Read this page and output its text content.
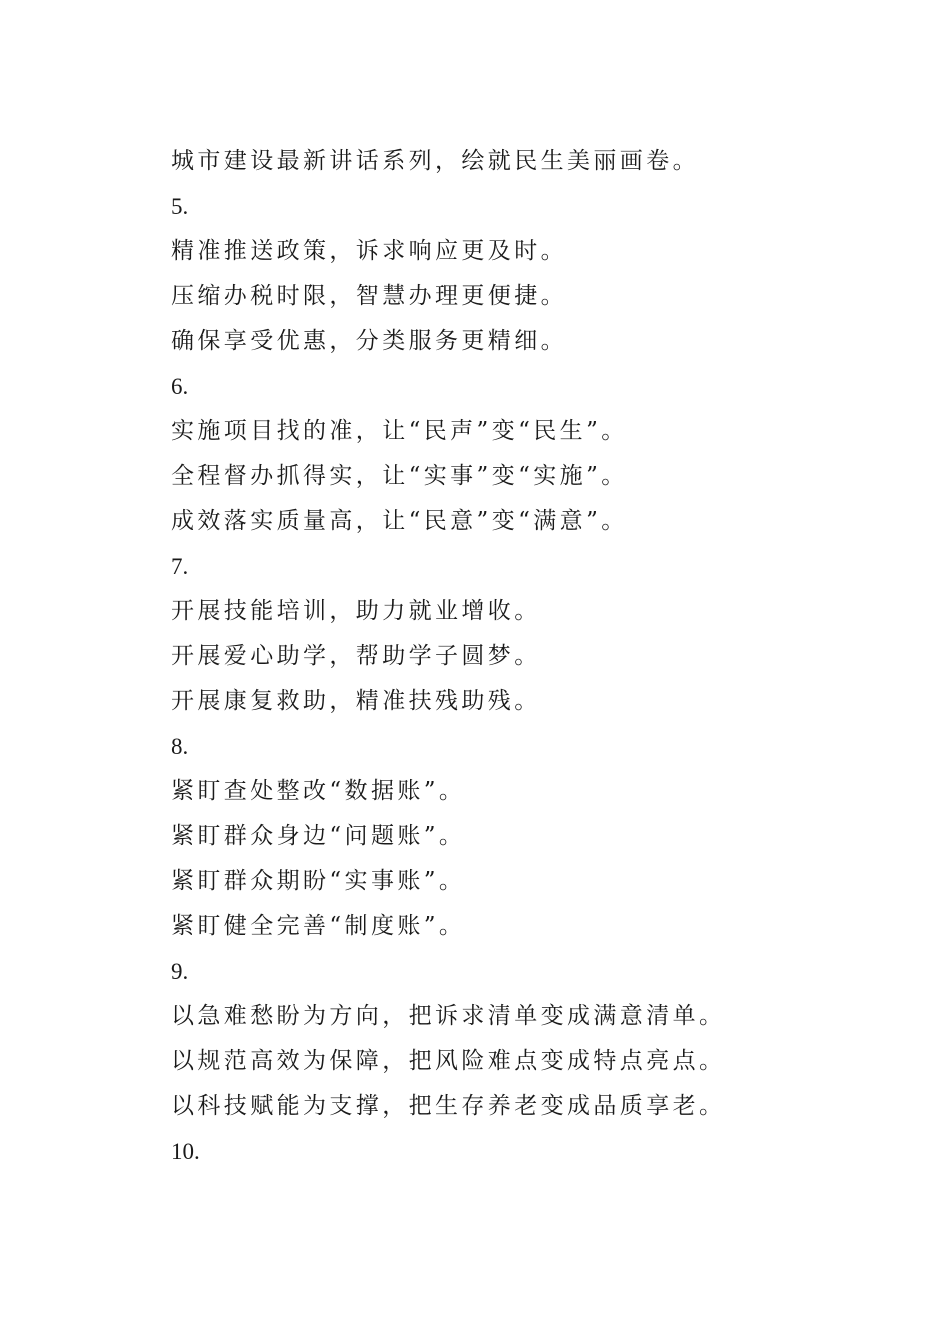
城市建设最新讲话系列，绘就民生美丽画卷。
5.
精准推送政策，诉求响应更及时。
压缩办税时限，智慧办理更便捷。
确保享受优惠，分类服务更精细。
6.
实施项目找的准，让“民声”变“民生”。
全程督办抓得实，让“实事”变“实施”。
成效落实质量高，让“民意”变“满意”。
7.
开展技能培训，助力就业增收。
开展爱心助学，帮助学子圆梦。
开展康复救助，精准扶残助残。
8.
紧盯查处整改“数据账”。
紧盯群众身边“问题账”。
紧盯群众期盼“实事账”。
紧盯健全完善“制度账”。
9.
以急难愁盼为方向，把诉求清单变成满意清单。
以规范高效为保障，把风险难点变成特点亮点。
以科技赋能为支撑，把生存养老变成品质享老。
10.
